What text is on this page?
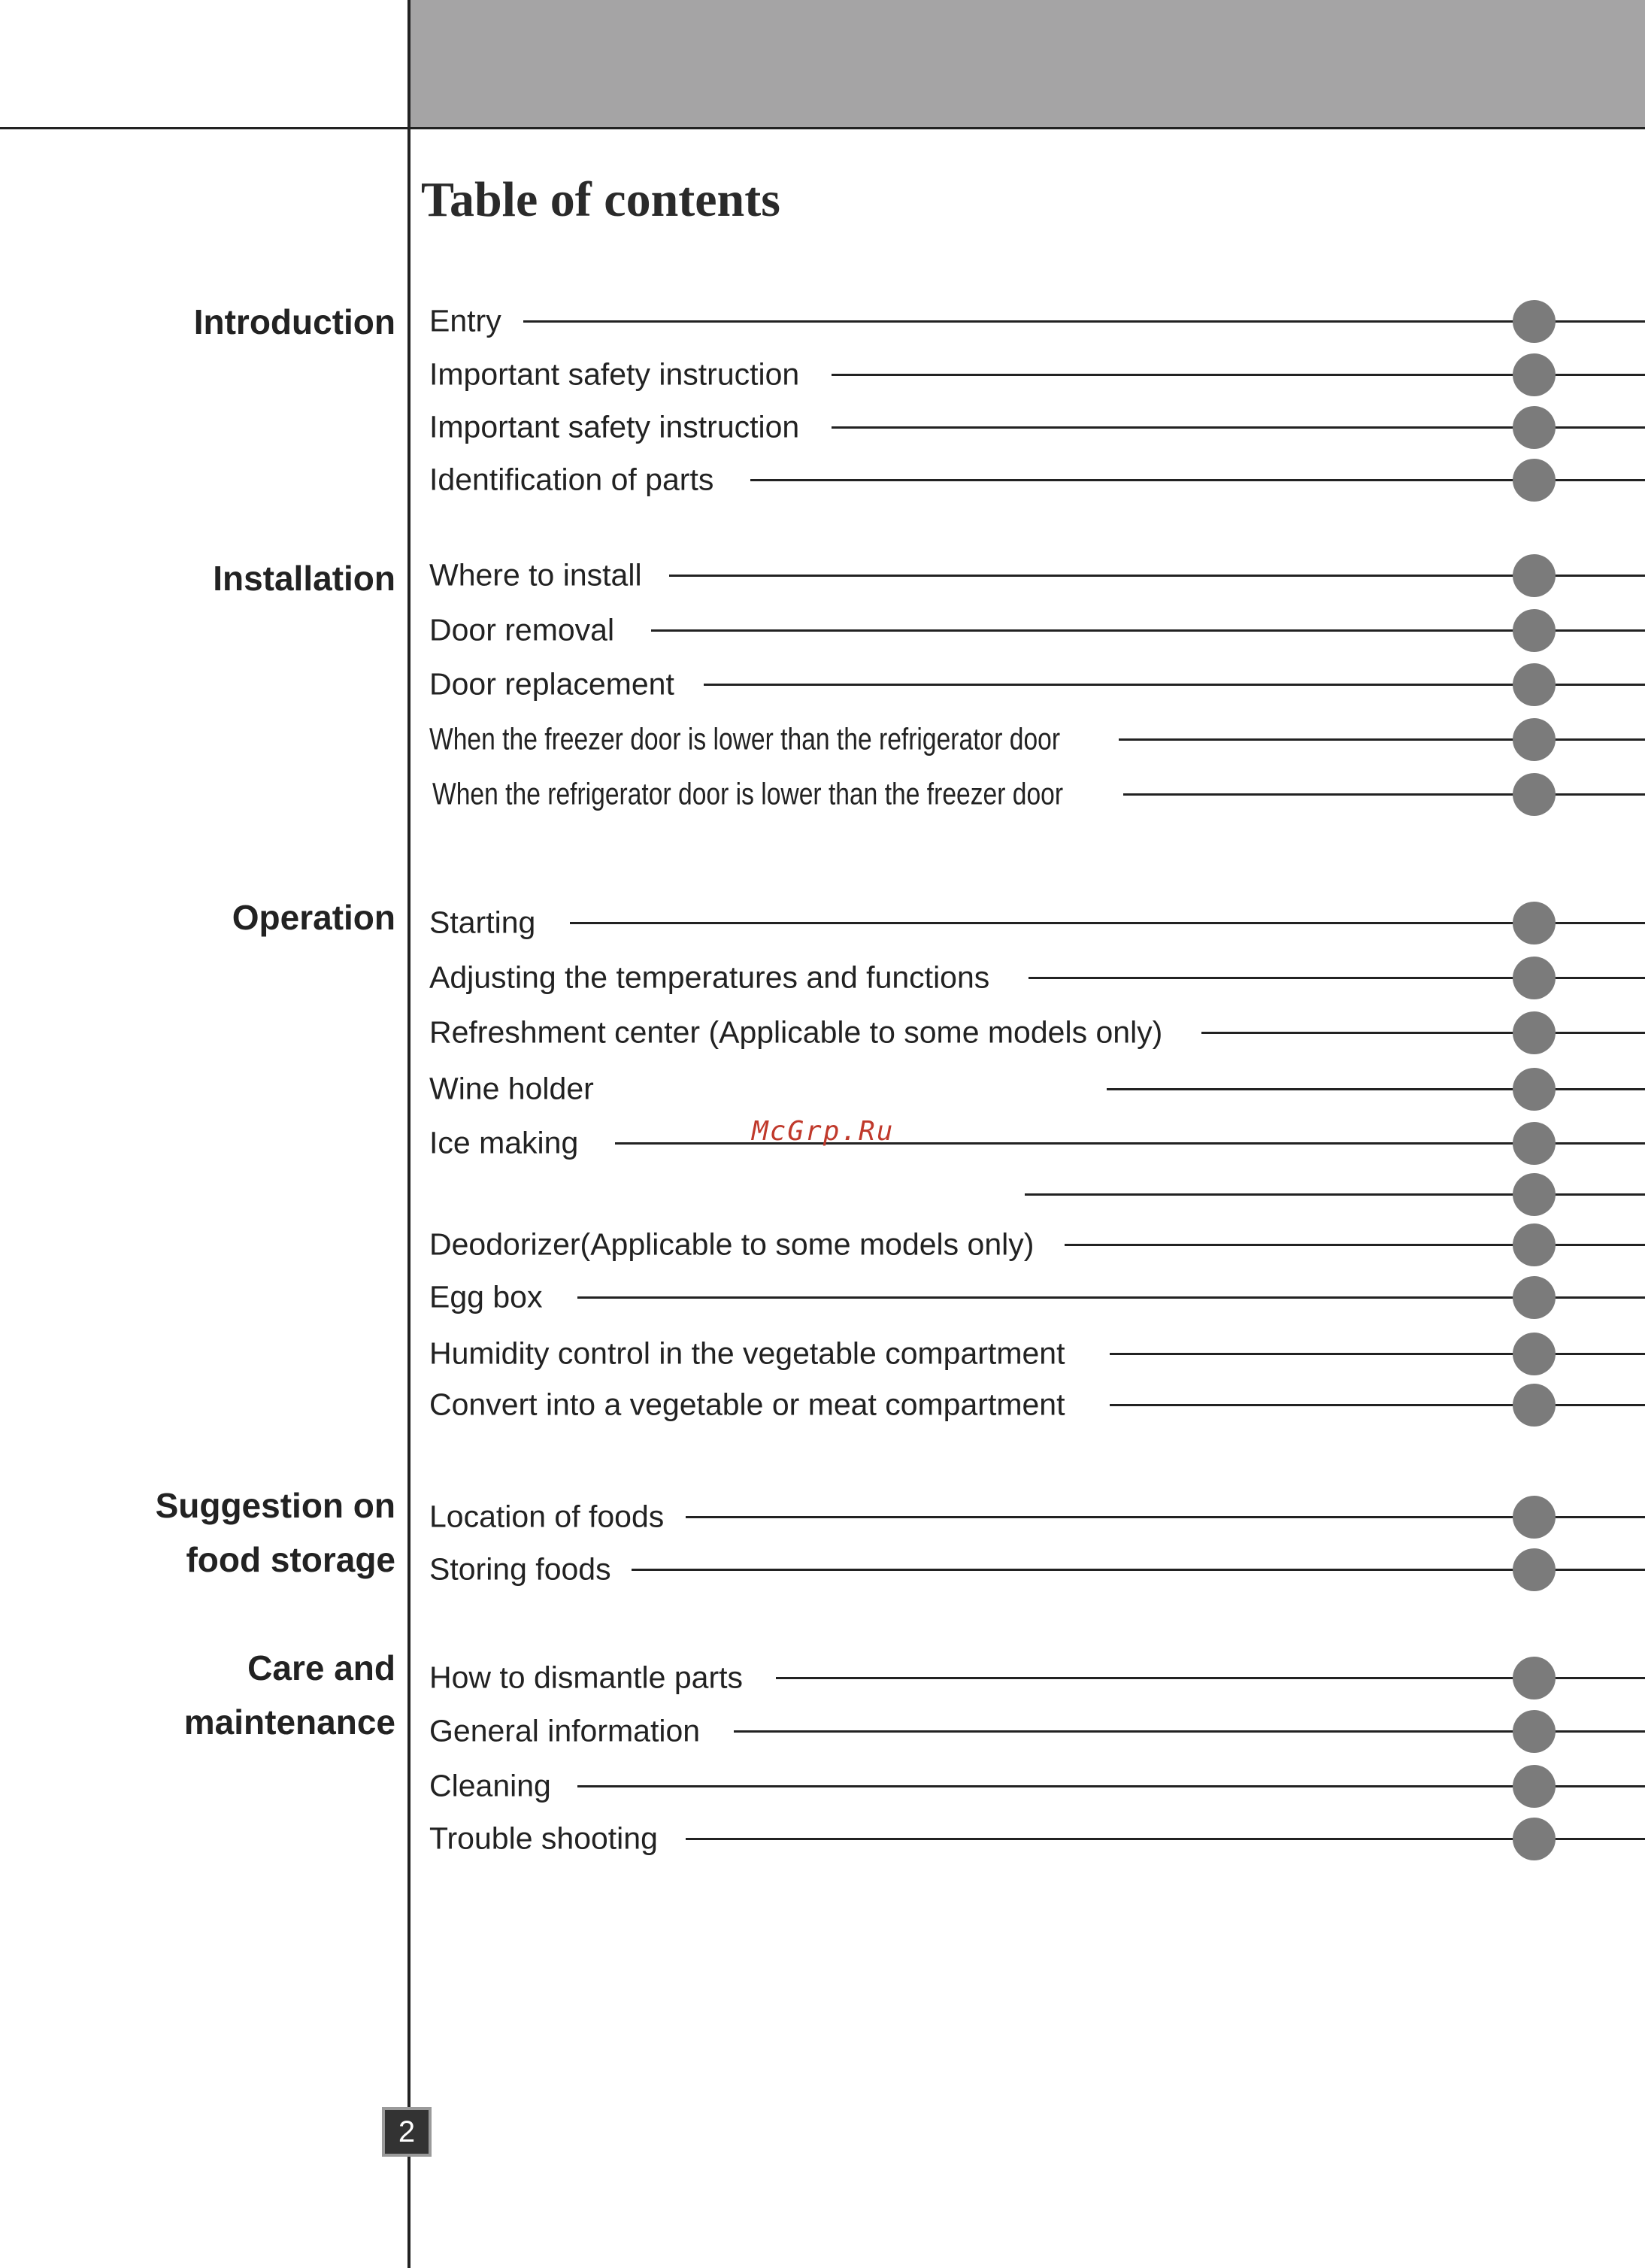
Table of contents
Introduction
Installation
Operation
Suggestion on
food storage
Care and
maintenance
Entry
Important safety instruction
Important safety instruction
Identification of parts
Where to install
Door removal
Door replacement
When the freezer door is lower than the refrigerator door
When the refrigerator door is lower than the freezer door
Starting
Adjusting the temperatures and functions
Refreshment center (Applicable to some models only)
Wine holder
Ice making
Deodorizer(Applicable to some models only)
Egg box
Humidity control in the vegetable compartment
Convert into a vegetable or meat compartment
Location of foods
Storing foods
How to dismantle parts
General information
Cleaning
Trouble shooting
McGrp.Ru
2
